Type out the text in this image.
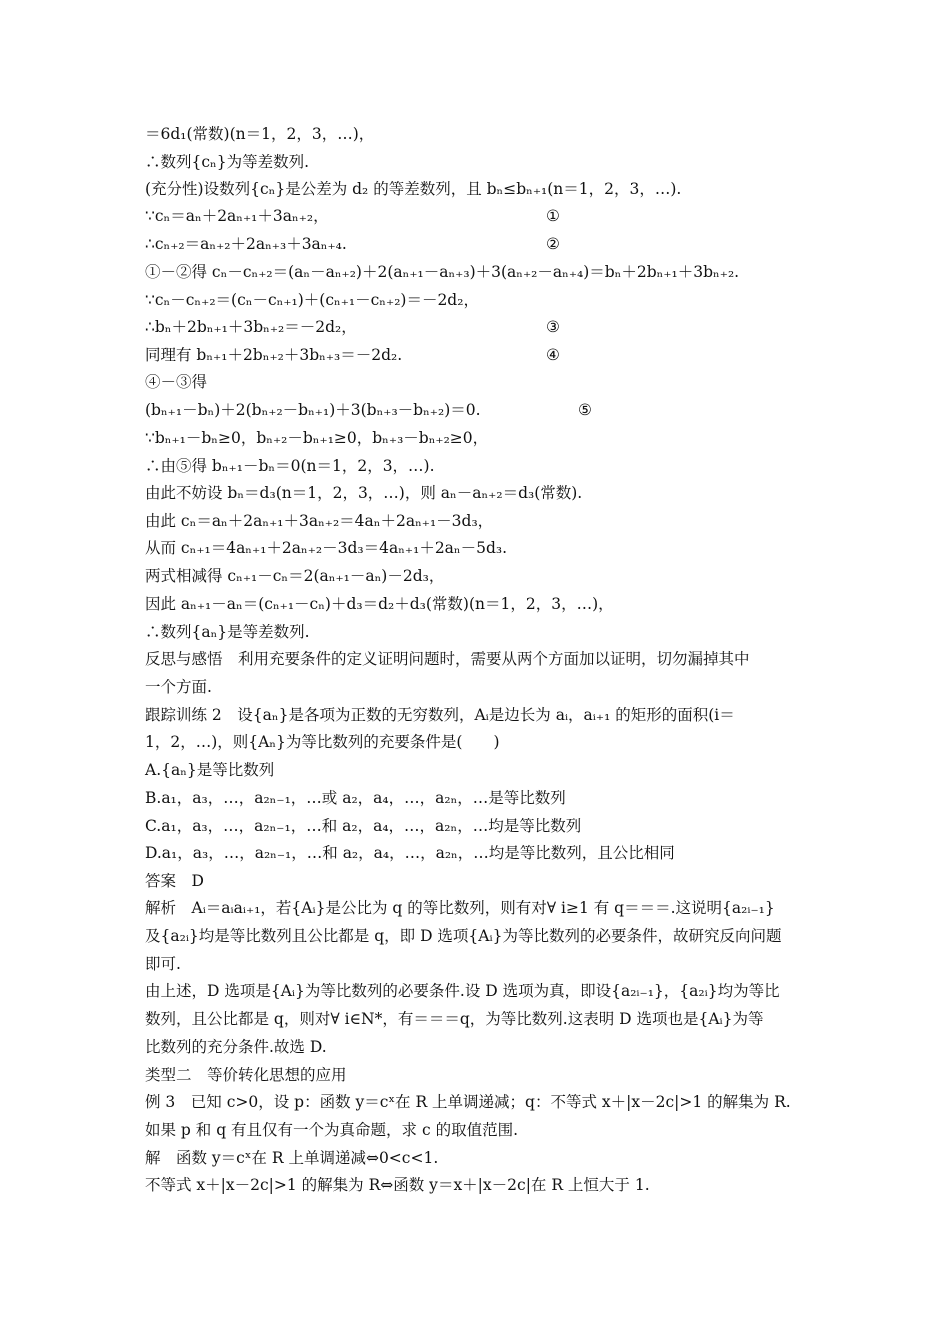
＝6d₁(常数)(n＝1，2，3，…)，
∴数列{cₙ}为等差数列.
(充分性)设数列{cₙ}是公差为 d₂ 的等差数列，且 bₙ≤bₙ₊₁(n＝1，2，3，…).
∵cₙ＝aₙ＋2aₙ₊₁＋3aₙ₊₂，	①
∴cₙ₊₂＝aₙ₊₂＋2aₙ₊₃＋3aₙ₊₄.	②
①－②得 cₙ－cₙ₊₂＝(aₙ－aₙ₊₂)＋2(aₙ₊₁－aₙ₊₃)＋3(aₙ₊₂－aₙ₊₄)＝bₙ＋2bₙ₊₁＋3bₙ₊₂.
∵cₙ－cₙ₊₂＝(cₙ－cₙ₊₁)＋(cₙ₊₁－cₙ₊₂)＝－2d₂，
∴bₙ＋2bₙ₊₁＋3bₙ₊₂＝－2d₂，	③
同理有 bₙ₊₁＋2bₙ₊₂＋3bₙ₊₃＝－2d₂.	④
④－③得
(bₙ₊₁－bₙ)＋2(bₙ₊₂－bₙ₊₁)＋3(bₙ₊₃－bₙ₊₂)＝0.	⑤
∵bₙ₊₁－bₙ≥0，bₙ₊₂－bₙ₊₁≥0，bₙ₊₃－bₙ₊₂≥0，
∴由⑤得 bₙ₊₁－bₙ＝0(n＝1，2，3，…).
由此不妨设 bₙ＝d₃(n＝1，2，3，…)，则 aₙ－aₙ₊₂＝d₃(常数).
由此 cₙ＝aₙ＋2aₙ₊₁＋3aₙ₊₂＝4aₙ＋2aₙ₊₁－3d₃，
从而 cₙ₊₁＝4aₙ₊₁＋2aₙ₊₂－3d₃＝4aₙ₊₁＋2aₙ－5d₃.
两式相减得 cₙ₊₁－cₙ＝2(aₙ₊₁－aₙ)－2d₃，
因此 aₙ₊₁－aₙ＝(cₙ₊₁－cₙ)＋d₃＝d₂＋d₃(常数)(n＝1，2，3，…)，
∴数列{aₙ}是等差数列.
反思与感悟　利用充要条件的定义证明问题时，需要从两个方面加以证明，切勿漏掉其中
一个方面.
跟踪训练 2　设{aₙ}是各项为正数的无穷数列，Aᵢ是边长为 aᵢ，aᵢ₊₁ 的矩形的面积(i＝
1，2，…)，则{Aₙ}为等比数列的充要条件是(　　)
A.{aₙ}是等比数列
B.a₁，a₃，…，a₂ₙ₋₁，…或 a₂，a₄，…，a₂ₙ，…是等比数列
C.a₁，a₃，…，a₂ₙ₋₁，…和 a₂，a₄，…，a₂ₙ，…均是等比数列
D.a₁，a₃，…，a₂ₙ₋₁，…和 a₂，a₄，…，a₂ₙ，…均是等比数列，且公比相同
答案　D
解析　Aᵢ＝aᵢaᵢ₊₁，若{Aᵢ}是公比为 q 的等比数列，则有对∀ i≥1 有 q＝＝＝.这说明{a₂ᵢ₋₁}
及{a₂ᵢ}均是等比数列且公比都是 q，即 D 选项{Aᵢ}为等比数列的必要条件，故研究反向问题
即可.
由上述，D 选项是{Aᵢ}为等比数列的必要条件.设 D 选项为真，即设{a₂ᵢ₋₁}，{a₂ᵢ}均为等比
数列，且公比都是 q，则对∀ i∈N*，有＝＝＝q，为等比数列.这表明 D 选项也是{Aᵢ}为等
比数列的充分条件.故选 D.
类型二　等价转化思想的应用
例 3　已知 c>0，设 p：函数 y＝cˣ在 R 上单调递减；q：不等式 x＋|x－2c|>1 的解集为 R.
如果 p 和 q 有且仅有一个为真命题，求 c 的取值范围.
解　函数 y＝cˣ在 R 上单调递减⇔0<c<1.
不等式 x＋|x－2c|>1 的解集为 R⇔函数 y＝x＋|x－2c|在 R 上恒大于 1.
